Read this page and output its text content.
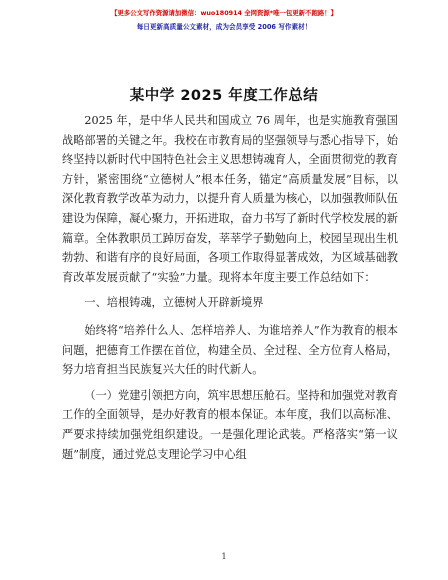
【更多公文写作资源请加微信：wuo180914 全网资源*唯一包更新不跑路！】
每日更新高质量公文素材，成为会员享受 2006 写作素材！
某中学 2025 年度工作总结

2025 年，是中华人民共和国成立 76 周年，也是实施教育强国战略部署的关键之年。我校在市教育局的坚强领导与悉心指导下，始终坚持以新时代中国特色社会主义思想铸魂育人，全面贯彻党的教育方针，紧密围绕“立德树人”根本任务，锚定“高质量发展”目标，以深化教育教学改革为动力，以提升育人质量为核心，以加强教师队伍建设为保障，凝心聚力，开拓进取，奋力书写了新时代学校发展的新篇章。全体教职员工踔厉奋发，莘莘学子勤勉向上，校园呈现出生机勃勃、和谐有序的良好局面，各项工作取得显著成效，为区域基础教育改革发展贡献了“实验”力量。现将本年度主要工作总结如下：

一、培根铸魂，立德树人开辟新境界

始终将“培养什么人、怎样培养人、为谁培养人”作为教育的根本问题，把德育工作摆在首位，构建全员、全过程、全方位育人格局，努力培育担当民族复兴大任的时代新人。

（一）党建引领把方向，筑牢思想压舱石。坚持和加强党对教育工作的全面领导，是办好教育的根本保证。本年度，我们以高标准、严要求持续加强党组织建设。一是强化理论武装。严格落实“第一议题”制度，通过党总支理论学习中心组

1
